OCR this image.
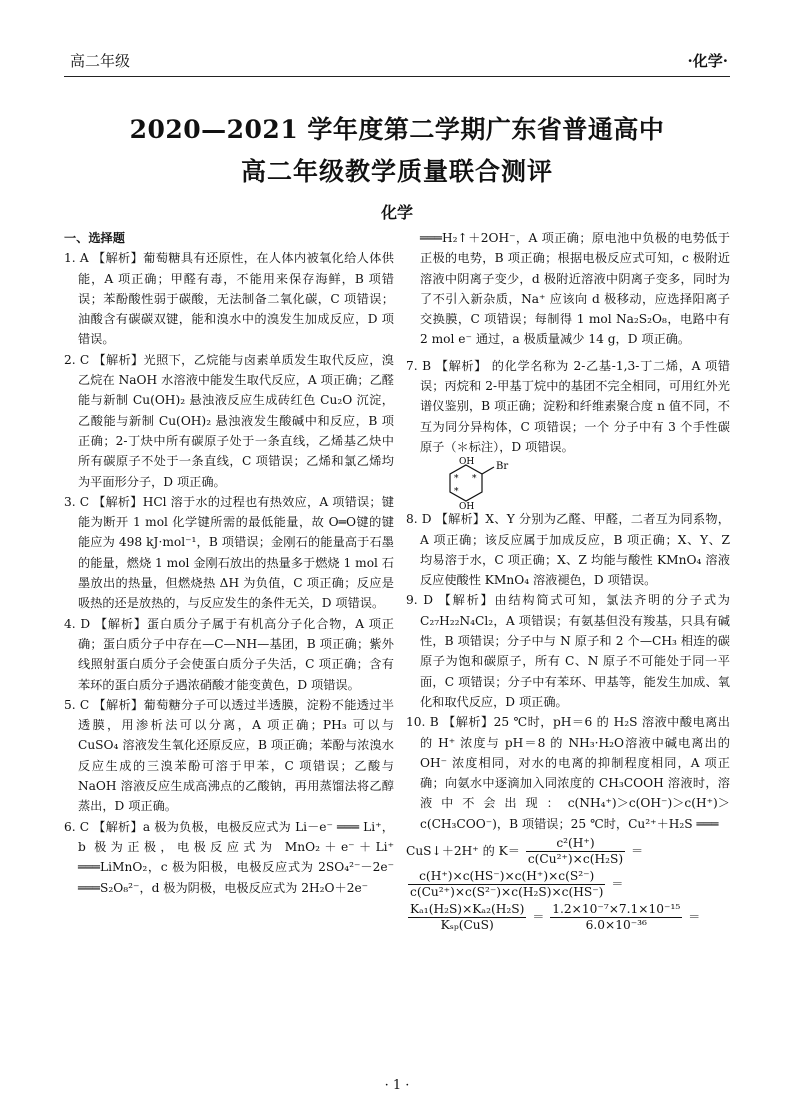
高二年级	·化学·
2020—2021 学年度第二学期广东省普通高中
高二年级教学质量联合测评
化学
一、选择题

1. A 【解析】葡萄糖具有还原性，在人体内被氧化给人体供能，A 项正确；甲醛有毒，不能用来保存海鲜，B 项错误；苯酚酸性弱于碳酸，无法制备二氧化碳，C 项错误；油酸含有碳碳双键，能和溴水中的溴发生加成反应，D 项错误。

2. C 【解析】光照下，乙烷能与卤素单质发生取代反应，溴乙烷在 NaOH 水溶液中能发生取代反应，A 项正确；乙醛能与新制 Cu(OH)₂ 悬浊液反应生成砖红色 Cu₂O 沉淀，乙酸能与新制 Cu(OH)₂ 悬浊液发生酸碱中和反应，B 项正确；2-丁炔中所有碳原子处于一条直线，乙烯基乙炔中所有碳原子不处于一条直线，C 项错误；乙烯和氯乙烯均为平面形分子，D 项正确。

3. C 【解析】HCl 溶于水的过程也有热效应，A 项错误；键能为断开 1 mol 化学键所需的最低能量，故 O═O键的键能应为 498 kJ·mol⁻¹，B 项错误；金刚石的能量高于石墨的能量，燃烧 1 mol 金刚石放出的热量多于燃烧 1 mol 石墨放出的热量，但燃烧热 ΔH 为负值，C 项正确；反应是吸热的还是放热的，与反应发生的条件无关，D 项错误。

4. D 【解析】蛋白质分子属于有机高分子化合物，A 项正确；蛋白质分子中存在—C—NH—基团，B 项正确；紫外线照射蛋白质分子会使蛋白质分子失活，C 项正确；含有苯环的蛋白质分子遇浓硝酸才能变黄色，D 项错误。

5. C 【解析】葡萄糖分子可以透过半透膜，淀粉不能透过半透膜，用渗析法可以分离，A 项正确；PH₃ 可以与 CuSO₄ 溶液发生氧化还原反应，B 项正确；苯酚与浓溴水反应生成的三溴苯酚可溶于甲苯，C 项错误；乙酸与 NaOH 溶液反应生成高沸点的乙酸钠，再用蒸馏法将乙醇蒸出，D 项正确。

6. C 【解析】a 极为负极，电极反应式为 Li－e⁻ ═══ Li⁺，b 极为正极，电极反应式为 MnO₂＋e⁻＋Li⁺ ═══LiMnO₂，c 极为阳极，电极反应式为 2SO₄²⁻－2e⁻ ═══S₂O₈²⁻，d 极为阴极，电极反应式为 2H₂O＋2e⁻

═══H₂↑＋2OH⁻，A 项正确；原电池中负极的电势低于正极的电势，B 项正确；根据电极反应式可知，c 极附近溶液中阴离子变少，d 极附近溶液中阴离子变多，同时为了不引入新杂质，Na⁺ 应该向 d 极移动，应选择阳离子交换膜，C 项错误；每制得 1 mol Na₂S₂O₈，电路中有 2 mol e⁻ 通过，a 极质量减少 14 g，D 项正确。

7. B 【解析】 的化学名称为 2-乙基-1,3-丁二烯，A 项错误；丙烷和 2-甲基丁烷中的基团不完全相同，可用红外光谱仪鉴别，B 项正确；淀粉和纤维素聚合度 n 值不同，不互为同分异构体，C 项错误；一个 分子中有 3 个手性碳原子（＊标注），D 项错误。

Br
OH
OH
*
*
*

8. D 【解析】X、Y 分别为乙醛、甲醛，二者互为同系物，A 项正确；该反应属于加成反应，B 项正确；X、Y、Z 均易溶于水，C 项正确；X、Z 均能与酸性 KMnO₄ 溶液反应使酸性 KMnO₄ 溶液褪色，D 项错误。

9. D 【解析】由结构简式可知，氯法齐明的分子式为 C₂₇H₂₂N₄Cl₂，A 项错误；有氨基但没有羧基，只具有碱性，B 项错误；分子中与 N 原子和 2 个—CH₃ 相连的碳原子为饱和碳原子，所有 C、N 原子不可能处于同一平面，C 项错误；分子中有苯环、甲基等，能发生加成、氧化和取代反应，D 项正确。

10. B 【解析】25 ℃时，pH＝6 的 H₂S 溶液中酸电离出的 H⁺ 浓度与 pH＝8 的 NH₃·H₂O溶液中碱电离出的 OH⁻ 浓度相同，对水的电离的抑制程度相同，A 项正确；向氨水中逐滴加入同浓度的 CH₃COOH 溶液时，溶液中不会出现：c(NH₄⁺)＞c(OH⁻)＞c(H⁺)＞c(CH₃COO⁻)，B 项错误；25 ℃时，Cu²⁺＋H₂S ═══

CuS↓＋2H⁺ 的 $K= \frac{\text{c²(H⁺)}}{\text{c(Cu²⁺)×c(H₂S)}}$ ＝
$\frac{\text{c(H⁺)×c(HS⁻)×c(H⁺)×c(S²⁻)}}{\text{c(Cu²⁺)×c(S²⁻)×c(H₂S)×c(HS⁻)}}$ ＝
$\frac{\text{Kₐ₁(H₂S)×Kₐ₂(H₂S)}}{\text{Kₛₚ(CuS)}} = \frac{\text{1.2×10⁻⁷×7.1×10⁻¹⁵}}{\text{6.0×10⁻³⁶}}$ ＝
· 1 ·
